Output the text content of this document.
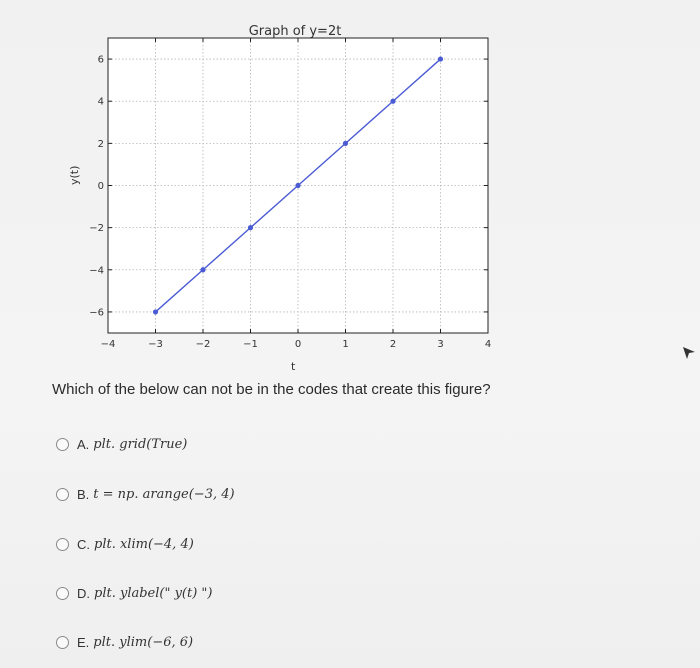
−4	−3	−2	−1	0	1	2	3	4
−6
−4
−2
0
2
4
6
Graph of y=2t
y(t)
t
Which of the below can not be in the codes that create this figure?
A. plt. grid(True)
B. t = np. arange(−3, 4)
C. plt. xlim(−4, 4)
D. plt. ylabel(" y(t) ")
E. plt. ylim(−6, 6)
